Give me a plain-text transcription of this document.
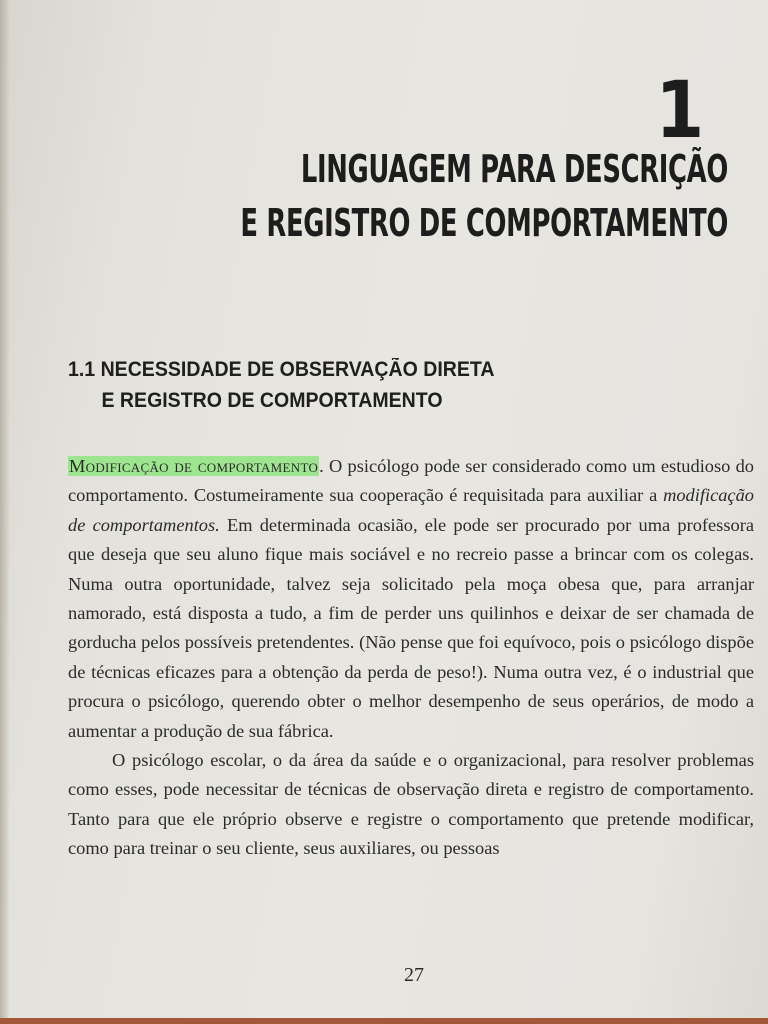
1
LINGUAGEM PARA DESCRIÇÃO
E REGISTRO DE COMPORTAMENTO
1.1 NECESSIDADE DE OBSERVAÇÃO DIRETA
E REGISTRO DE COMPORTAMENTO

Modificação de comportamento. O psicólogo pode ser considerado como um estudioso do comportamento. Costumeiramente sua cooperação é requisitada para auxiliar a modificação de comportamentos. Em determinada ocasião, ele pode ser procurado por uma professora que deseja que seu aluno fique mais sociável e no recreio passe a brincar com os colegas. Numa outra oportunidade, talvez seja solicitado pela moça obesa que, para arranjar namorado, está disposta a tudo, a fim de perder uns quilinhos e deixar de ser chamada de gorducha pelos possíveis pretendentes. (Não pense que foi equívoco, pois o psicólogo dispõe de técnicas eficazes para a obtenção da perda de peso!). Numa outra vez, é o industrial que procura o psicólogo, querendo obter o melhor desempenho de seus operários, de modo a aumentar a produção de sua fábrica.

O psicólogo escolar, o da área da saúde e o organizacional, para resolver problemas como esses, pode necessitar de técnicas de observação direta e registro de comportamento. Tanto para que ele próprio observe e registre o comportamento que pretende modificar, como para treinar o seu cliente, seus auxiliares, ou pessoas

27
